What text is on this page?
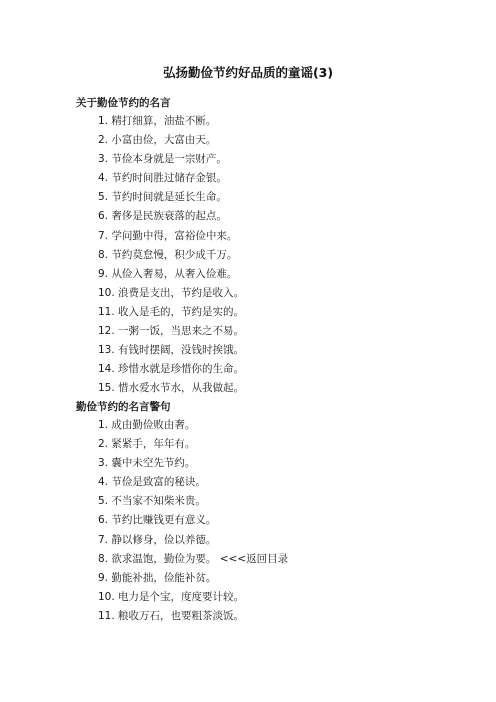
弘扬勤俭节约好品质的童谣(3)
关于勤俭节约的名言
1. 精打细算，油盐不断。
2. 小富由俭，大富由天。
3. 节俭本身就是一宗财产。
4. 节约时间胜过储存金银。
5. 节约时间就是延长生命。
6. 奢侈是民族衰落的起点。
7. 学问勤中得，富裕俭中来。
8. 节约莫怠慢，积少成千万。
9. 从俭入奢易，从奢入俭难。
10. 浪费是支出，节约是收入。
11. 收入是毛的，节约是实的。
12. 一粥一饭，当思来之不易。
13. 有钱时摆阔，没钱时挨饿。
14. 珍惜水就是珍惜你的生命。
15. 惜水爱水节水，从我做起。
勤俭节约的名言警句
1. 成由勤俭败由奢。
2. 紧紧手，年年有。
3. 囊中未空先节约。
4. 节俭是致富的秘诀。
5. 不当家不知柴米贵。
6. 节约比赚钱更有意义。
7. 静以修身，俭以养德。
8. 欲求温饱，勤俭为要。 <<<返回目录
9. 勤能补拙，俭能补贫。
10. 电力是个宝，度度要计较。
11. 粮收万石，也要粗茶淡饭。
